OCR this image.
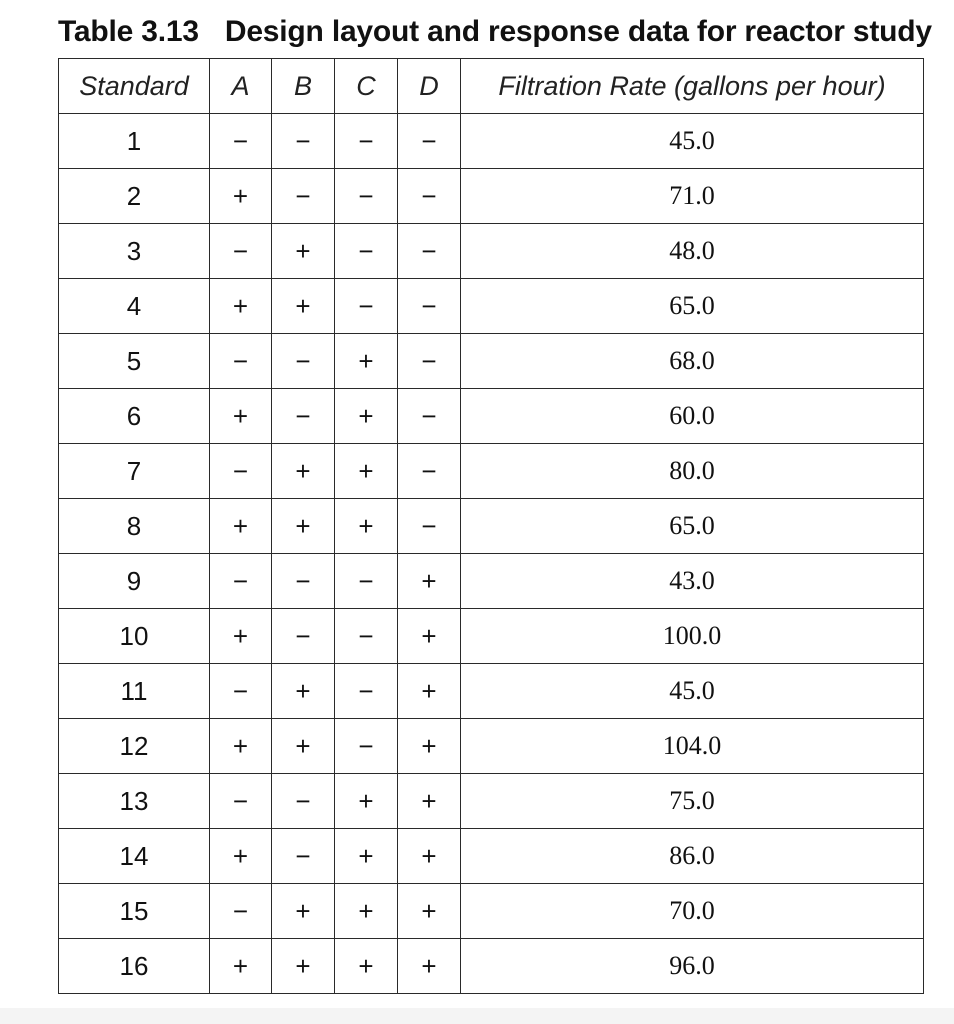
Table 3.13 Design layout and response data for reactor study
Standard	A	B	C	D	Filtration Rate (gallons per hour)
1	−	−	−	−	45.0
2	+	−	−	−	71.0
3	−	+	−	−	48.0
4	+	+	−	−	65.0
5	−	−	+	−	68.0
6	+	−	+	−	60.0
7	−	+	+	−	80.0
8	+	+	+	−	65.0
9	−	−	−	+	43.0
10	+	−	−	+	100.0
11	−	+	−	+	45.0
12	+	+	−	+	104.0
13	−	−	+	+	75.0
14	+	−	+	+	86.0
15	−	+	+	+	70.0
16	+	+	+	+	96.0
